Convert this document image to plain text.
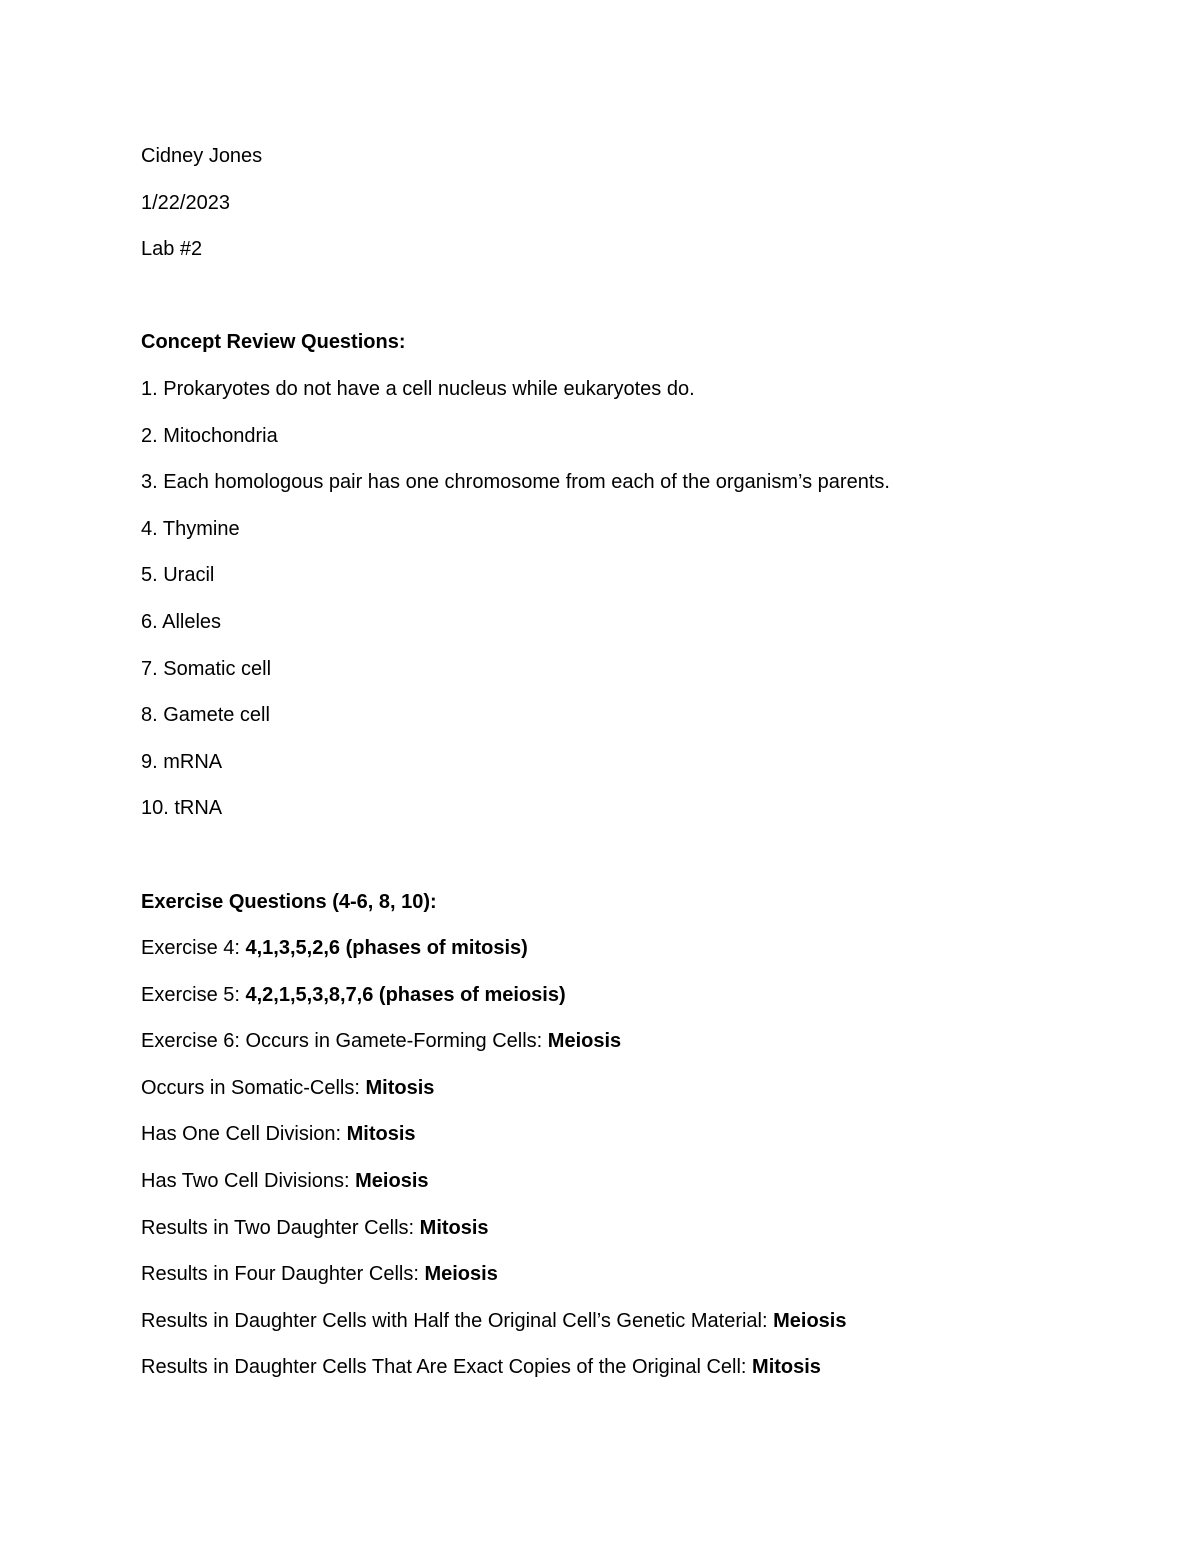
Cidney Jones
1/22/2023
Lab #2
Concept Review Questions:
1. Prokaryotes do not have a cell nucleus while eukaryotes do.
2. Mitochondria
3. Each homologous pair has one chromosome from each of the organism’s parents.
4. Thymine
5. Uracil
6. Alleles
7. Somatic cell
8. Gamete cell
9. mRNA
10. tRNA
Exercise Questions (4-6, 8, 10):
Exercise 4: 4,1,3,5,2,6 (phases of mitosis)
Exercise 5: 4,2,1,5,3,8,7,6 (phases of meiosis)
Exercise 6: Occurs in Gamete-Forming Cells: Meiosis
Occurs in Somatic-Cells: Mitosis
Has One Cell Division: Mitosis
Has Two Cell Divisions: Meiosis
Results in Two Daughter Cells: Mitosis
Results in Four Daughter Cells: Meiosis
Results in Daughter Cells with Half the Original Cell’s Genetic Material: Meiosis
Results in Daughter Cells That Are Exact Copies of the Original Cell: Mitosis
